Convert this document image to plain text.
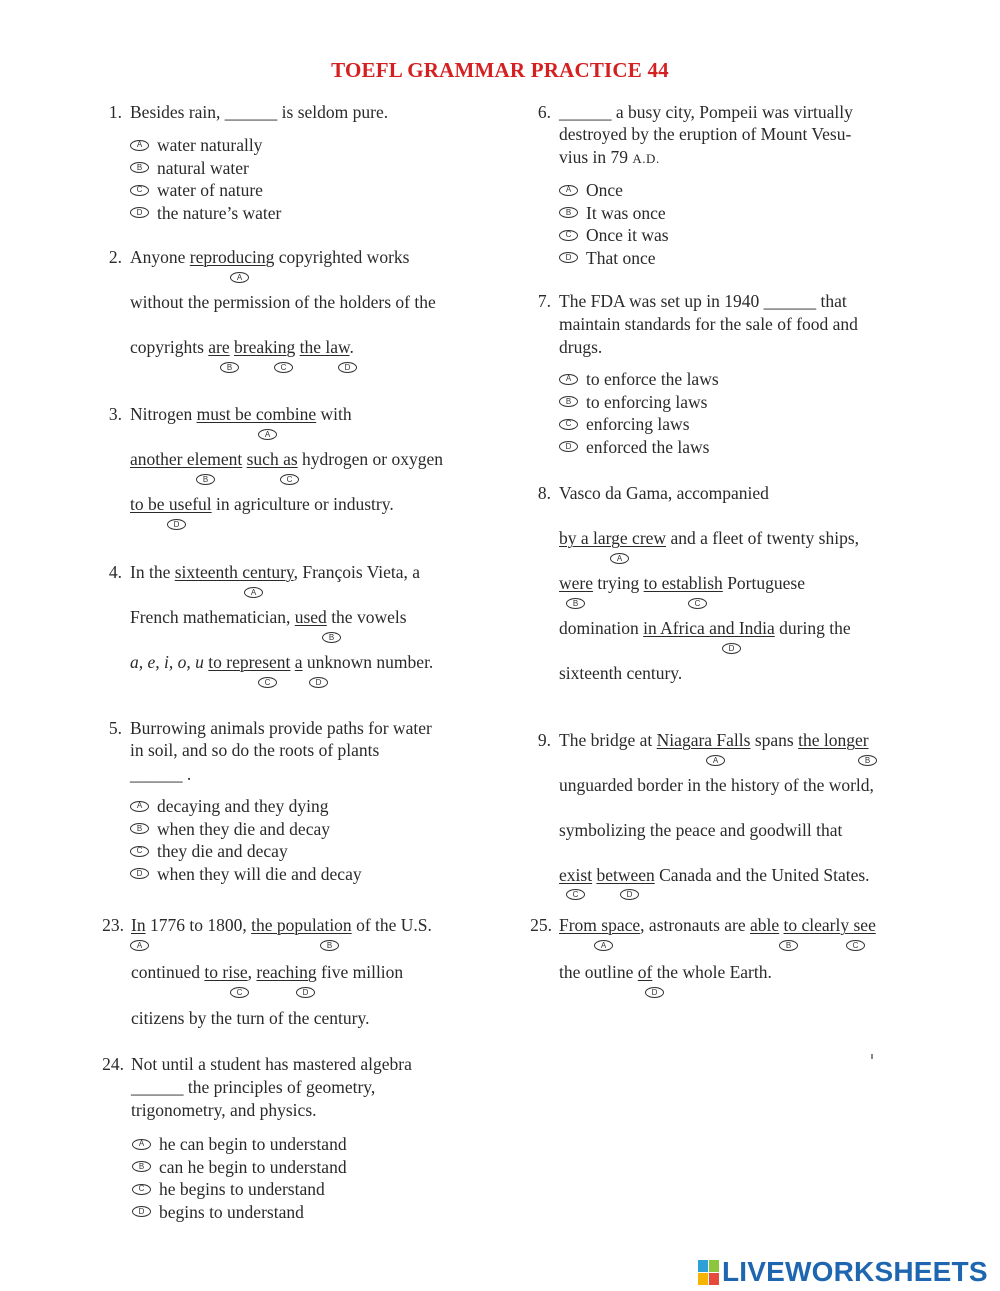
TOEFL GRAMMAR PRACTICE 44
1. Besides rain, ______ is seldom pure.
A water naturally
B natural water
C water of nature
D the nature’s water
2. Anyone reproducing copyrighted works
A
without the permission of the holders of the
copyrights are breaking the law.
B	C	D
3. Nitrogen must be combine with
A
another element such as hydrogen or oxygen
B	C
to be useful in agriculture or industry.
D
4. In the sixteenth century, François Vieta, a
A
French mathematician, used the vowels
B
a, e, i, o, u to represent a unknown number.
C	D
5. Burrowing animals provide paths for water
in soil, and so do the roots of plants
______ .
A decaying and they dying
B when they die and decay
C they die and decay
D when they will die and decay
23. In 1776 to 1800, the population of the U.S.
A	B
continued to rise, reaching five million
C	D
citizens by the turn of the century.
24. Not until a student has mastered algebra
______ the principles of geometry,
trigonometry, and physics.
A he can begin to understand
B can he begin to understand
C he begins to understand
D begins to understand
6. ______ a busy city, Pompeii was virtually
destroyed by the eruption of Mount Vesu-
vius in 79 A.D.
A Once
B It was once
C Once it was
D That once
7. The FDA was set up in 1940 ______ that
maintain standards for the sale of food and
drugs.
A to enforce the laws
B to enforcing laws
C enforcing laws
D enforced the laws
8. Vasco da Gama, accompanied
by a large crew and a fleet of twenty ships,
A
were trying to establish Portuguese
B	C
domination in Africa and India during the
D
sixteenth century.
9. The bridge at Niagara Falls spans the longer
A	B
unguarded border in the history of the world,
symbolizing the peace and goodwill that
exist between Canada and the United States.
C	D
25. From space, astronauts are able to clearly see
A	B	C
the outline of the whole Earth.
D
LIVEWORKSHEETS
